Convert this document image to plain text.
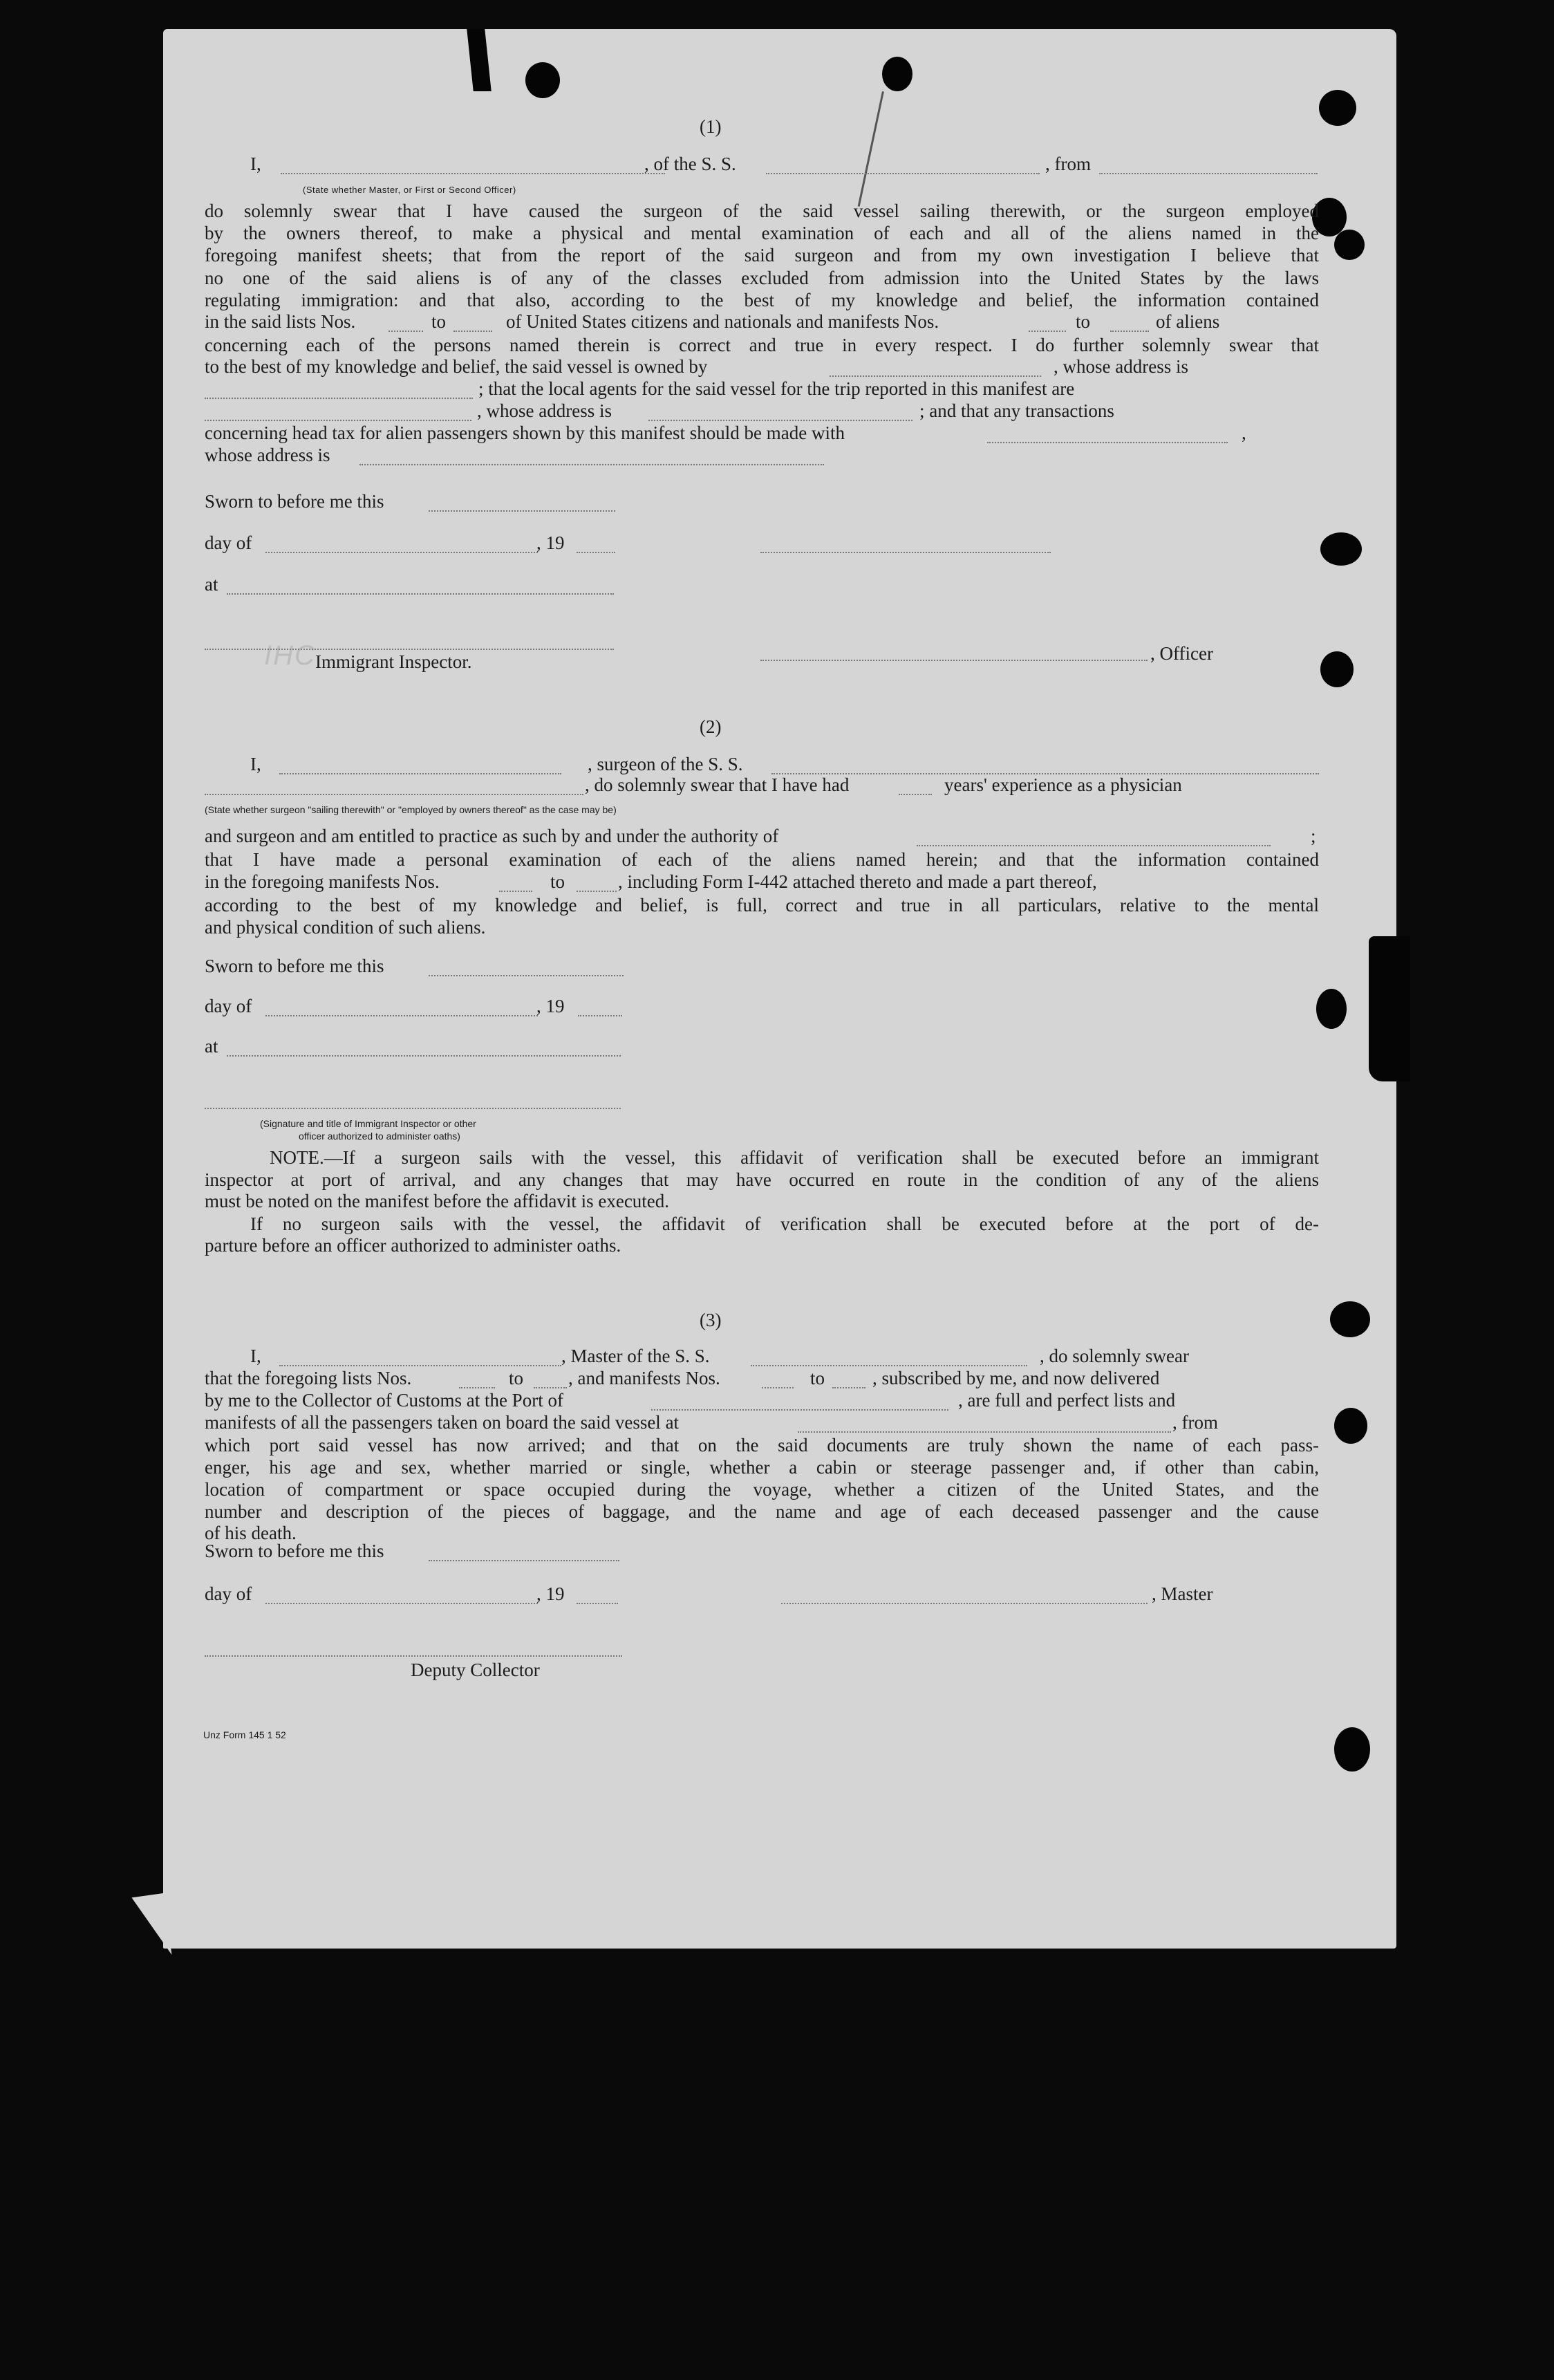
IHC
(1)
I,	, of the S. S.	, from
(State whether Master, or First or Second Officer)
do solemnly swear that I have caused the surgeon of the said vessel sailing therewith, or the surgeon employed
by the owners thereof, to make a physical and mental examination of each and all of the aliens named in the
foregoing manifest sheets; that from the report of the said surgeon and from my own investigation I believe that
no one of the said aliens is of any of the classes excluded from admission into the United States by the laws
regulating immigration: and that also, according to the best of my knowledge and belief, the information contained
in the said lists Nos.	to	of United States citizens and nationals and manifests Nos.	to	of aliens
concerning each of the persons named therein is correct and true in every respect. I do further solemnly swear that
to the best of my knowledge and belief, the said vessel is owned by	, whose address is
; that the local agents for the said vessel for the trip reported in this manifest are
, whose address is	; and that any transactions
concerning head tax for alien passengers shown by this manifest should be made with	,
whose address is
Sworn to before me this
day of	, 19
at
Immigrant Inspector.	, Officer
(2)
I,	, surgeon of the S. S.
, do solemnly swear that I have had	years' experience as a physician
(State whether surgeon "sailing therewith" or "employed by owners thereof" as the case may be)
and surgeon and am entitled to practice as such by and under the authority of	;
that I have made a personal examination of each of the aliens named herein; and that the information contained
in the foregoing manifests Nos.	to	, including Form I-442 attached thereto and made a part thereof,
according to the best of my knowledge and belief, is full, correct and true in all particulars, relative to the mental
and physical condition of such aliens.
Sworn to before me this
day of	, 19
at
(Signature and title of Immigrant Inspector or other
officer authorized to administer oaths)
NOTE.—If a surgeon sails with the vessel, this affidavit of verification shall be executed before an immigrant
inspector at port of arrival, and any changes that may have occurred en route in the condition of any of the aliens
must be noted on the manifest before the affidavit is executed.
If no surgeon sails with the vessel, the affidavit of verification shall be executed before at the port of de-
parture before an officer authorized to administer oaths.
(3)
I,	, Master of the S. S.	, do solemnly swear
that the foregoing lists Nos.	to , and manifests Nos.	to	, subscribed by me, and now delivered
by me to the Collector of Customs at the Port of	, are full and perfect lists and
manifests of all the passengers taken on board the said vessel at	, from
which port said vessel has now arrived; and that on the said documents are truly shown the name of each pass-
enger, his age and sex, whether married or single, whether a cabin or steerage passenger and, if other than cabin,
location of compartment or space occupied during the voyage, whether a citizen of the United States, and the
number and description of the pieces of baggage, and the name and age of each deceased passenger and the cause
of his death.
Sworn to before me this
day of	, 19	, Master
Deputy Collector
Unz Form 145 1 52
